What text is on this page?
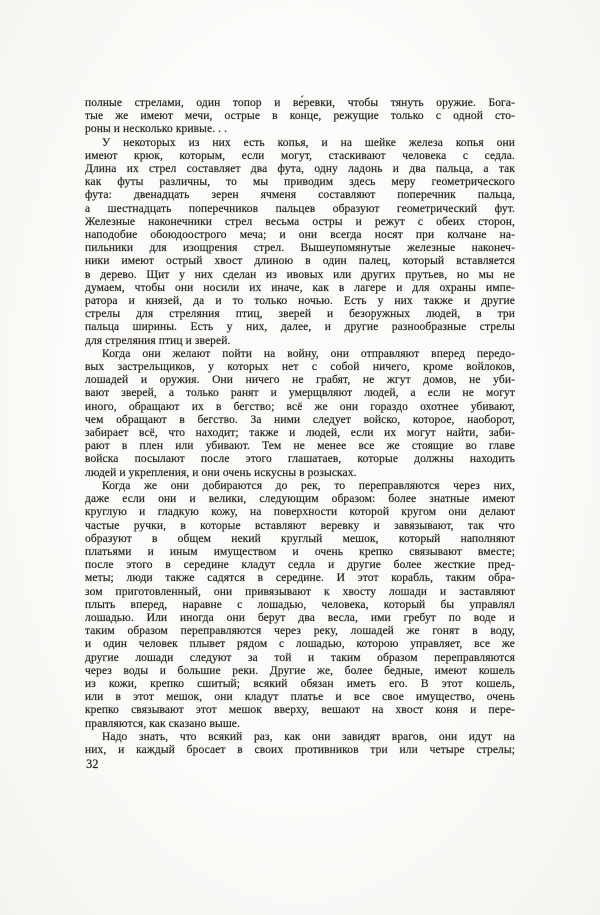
полные стрелами, один топор и ве́ревки, чтобы тянуть оружие. Бога-
тые же имеют мечи, острые в конце, режущие только с одной сто-
роны и несколько кривые. . .
У некоторых из них есть копья, и на шейке железа копья они
имеют крюк, которым, если могут, стаскивают человека с седла.
Длина их стрел составляет два фута, одну ладонь и два пальца, а так
как футы различны, то мы приводим здесь меру геометрического
фута: двенадцать зерен ячменя составляют поперечник пальца,
а шестнадцать поперечников пальцев образуют геометрический фут.
Железные наконечники стрел весьма остры и режут с обеих сторон,
наподобие обоюдоострого меча; и они всегда носят при колчане на-
пильники для изощрения стрел. Вышеупомянутые железные наконеч-
ники имеют острый хвост длиною в один палец, который вставляется
в дерево. Щит у них сделан из ивовых или других прутьев, но мы не
думаем, чтобы они носили их иначе, как в лагере и для охраны импе-
ратора и князей, да и то только ночью. Есть у них также и другие
стрелы для стреляния птиц, зверей и безоружных людей, в три
пальца ширины. Есть у них, далее, и другие разнообразные стрелы
для стреляния птиц и зверей.
Когда они желают пойти на войну, они отправляют вперед передо-
вых застрельщиков, у которых нет с собой ничего, кроме войлоков,
лошадей и оружия. Они ничего не грабят, не жгут домов, не уби-
вают зверей, а только ранят и умерщвляют людей, а если не могут
иного, обращают их в бегство; всё же они гораздо охотнее убивают,
чем обращают в бегство. За ними следует войско, которое, наоборот,
забирает всё, что находит; также и людей, если их могут найти, заби-
рают в плен или убивают. Тем не менее все же стоящие во главе
войска посылают после этого глашатаев, которые должны находить
людей и укрепления, и они очень искусны в розысках.
Когда же они добираются до рек, то переправляются через них,
даже если они и велики, следующим образом: более знатные имеют
круглую и гладкую кожу, на поверхности которой кругом они делают
частые ручки, в которые вставляют веревку и завязывают, так что
образуют в общем некий круглый мешок, который наполняют
платьями и иным имуществом и очень крепко связывают вместе;
после этого в середине кладут седла и другие более жесткие пред-
меты; люди также садятся в середине. И этот корабль, таким обра-
зом приготовленный, они привязывают к хвосту лошади и заставляют
плыть вперед, наравне с лошадью, человека, который бы управлял
лошадью. Или иногда они берут два весла, ими гребут по воде и
таким образом переправляются через реку, лошадей же гонят в воду,
и один человек плывет рядом с лошадью, которою управляет, все же
другие лошади следуют за той и таким образом переправляются
через воды и большие реки. Другие же, более бедные, имеют кошель
из кожи, крепко сшитый; всякий обязан иметь его. В этот кошель,
или в этот мешок, они кладут платье и все свое имущество, очень
крепко связывают этот мешок вверху, вешают на хвост коня и пере-
правляются, как сказано выше.
Надо знать, что всякий раз, как они завидят врагов, они идут на
них, и каждый бросает в своих противников три или четыре стрелы;
32
